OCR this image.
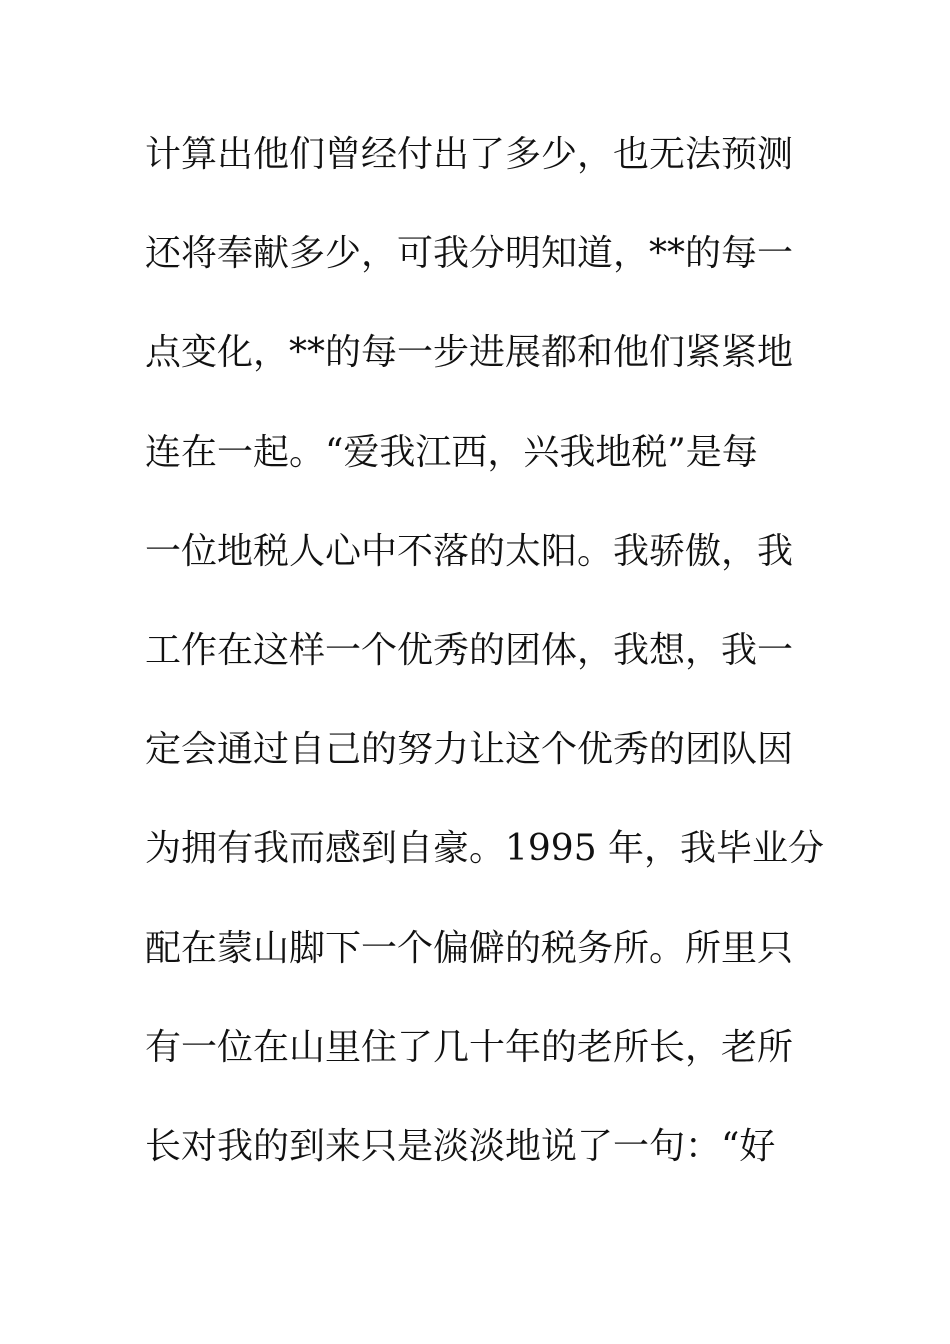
计算出他们曾经付出了多少，也无法预测
还将奉献多少，可我分明知道，**的每一
点变化，**的每一步进展都和他们紧紧地
连在一起。“爱我江西，兴我地税”是每
一位地税人心中不落的太阳。我骄傲，我
工作在这样一个优秀的团体，我想，我一
定会通过自己的努力让这个优秀的团队因
为拥有我而感到自豪。1995 年，我毕业分
配在蒙山脚下一个偏僻的税务所。所里只
有一位在山里住了几十年的老所长，老所
长对我的到来只是淡淡地说了一句：“好
